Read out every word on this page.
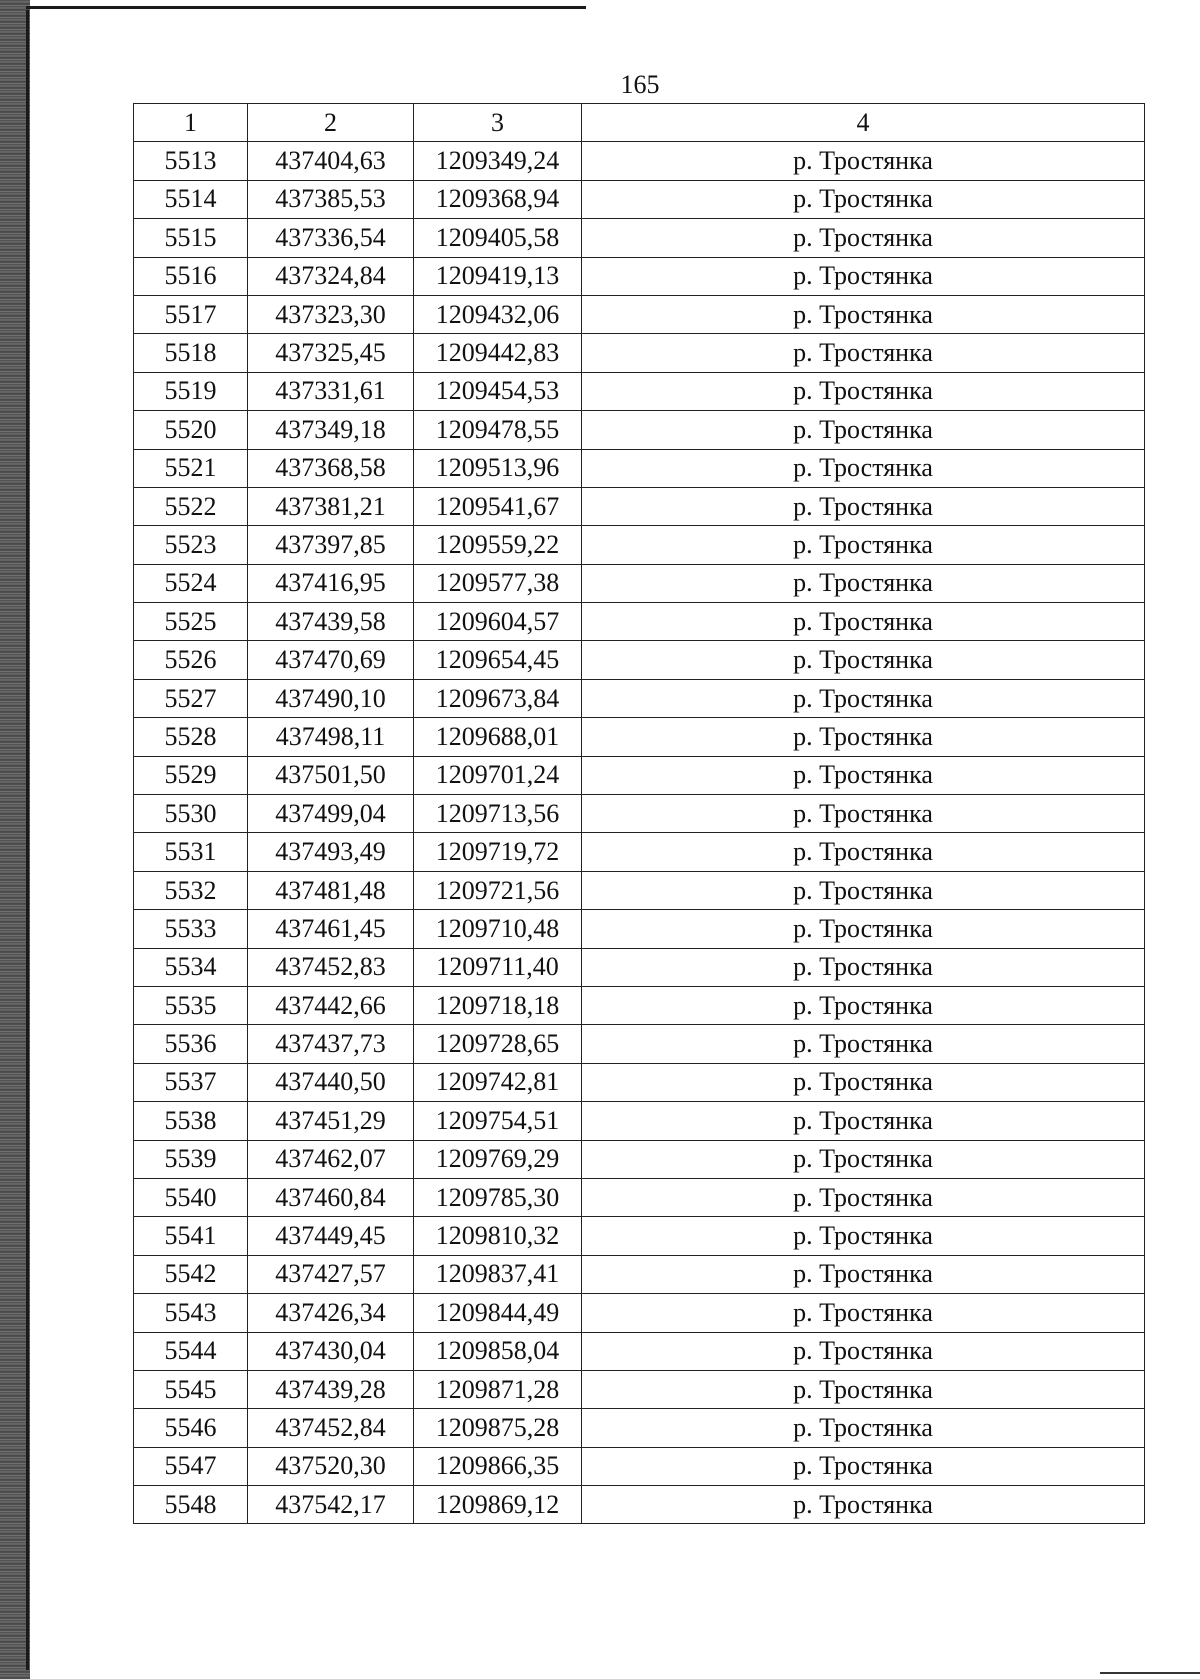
165
1	2	3	4
5513	437404,63	1209349,24	р. Тростянка
5514	437385,53	1209368,94	р. Тростянка
5515	437336,54	1209405,58	р. Тростянка
5516	437324,84	1209419,13	р. Тростянка
5517	437323,30	1209432,06	р. Тростянка
5518	437325,45	1209442,83	р. Тростянка
5519	437331,61	1209454,53	р. Тростянка
5520	437349,18	1209478,55	р. Тростянка
5521	437368,58	1209513,96	р. Тростянка
5522	437381,21	1209541,67	р. Тростянка
5523	437397,85	1209559,22	р. Тростянка
5524	437416,95	1209577,38	р. Тростянка
5525	437439,58	1209604,57	р. Тростянка
5526	437470,69	1209654,45	р. Тростянка
5527	437490,10	1209673,84	р. Тростянка
5528	437498,11	1209688,01	р. Тростянка
5529	437501,50	1209701,24	р. Тростянка
5530	437499,04	1209713,56	р. Тростянка
5531	437493,49	1209719,72	р. Тростянка
5532	437481,48	1209721,56	р. Тростянка
5533	437461,45	1209710,48	р. Тростянка
5534	437452,83	1209711,40	р. Тростянка
5535	437442,66	1209718,18	р. Тростянка
5536	437437,73	1209728,65	р. Тростянка
5537	437440,50	1209742,81	р. Тростянка
5538	437451,29	1209754,51	р. Тростянка
5539	437462,07	1209769,29	р. Тростянка
5540	437460,84	1209785,30	р. Тростянка
5541	437449,45	1209810,32	р. Тростянка
5542	437427,57	1209837,41	р. Тростянка
5543	437426,34	1209844,49	р. Тростянка
5544	437430,04	1209858,04	р. Тростянка
5545	437439,28	1209871,28	р. Тростянка
5546	437452,84	1209875,28	р. Тростянка
5547	437520,30	1209866,35	р. Тростянка
5548	437542,17	1209869,12	р. Тростянка
